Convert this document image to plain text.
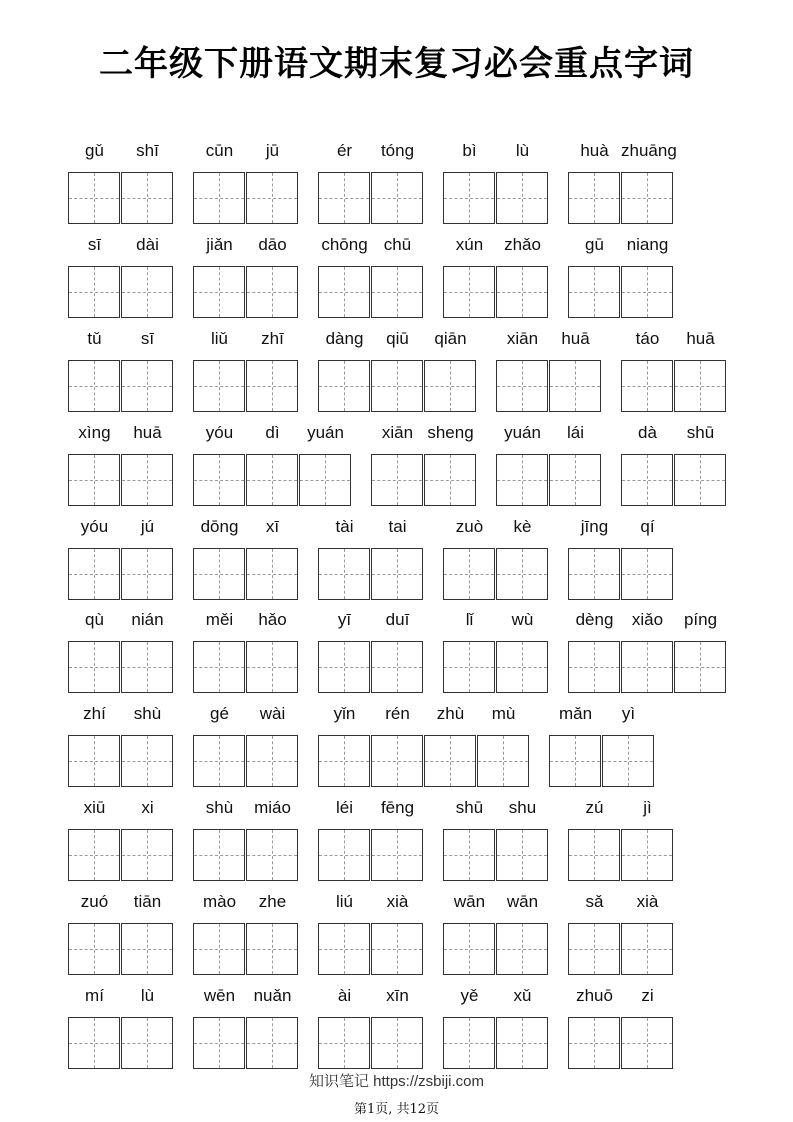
二年级下册语文期末复习必会重点字词
gǔ	shī	cūn	jū	ér	tóng	bì	lù	huà zhuāng
sī	dài	jiǎn	dāo	chōng chū	xún	zhǎo	gū	niang
tǔ	sī	liǔ	zhī	dàng	qiū	qiān	xiān	huā	táo	huā
xìng	huā	yóu	dì	yuán	xiān sheng	yuán	lái	dà	shū
yóu	jú	dōng	xī	tài	tai	zuò	kè	jīng	qí
qù	nián	měi	hǎo	yī	duī	lǐ	wù	dèng	xiǎo	píng
zhí	shù	gé	wài	yǐn	rén	zhù	mù	mǎn	yì
xiū	xi	shù	miáo	léi	fēng	shū	shu	zú	jì
zuó	tiān	mào	zhe	liú	xià	wān	wān	sǎ	xià
mí	lù	wēn	nuǎn	ài	xīn	yě	xǔ	zhuō	zi
知识笔记 https://zsbiji.com
第1页, 共12页
